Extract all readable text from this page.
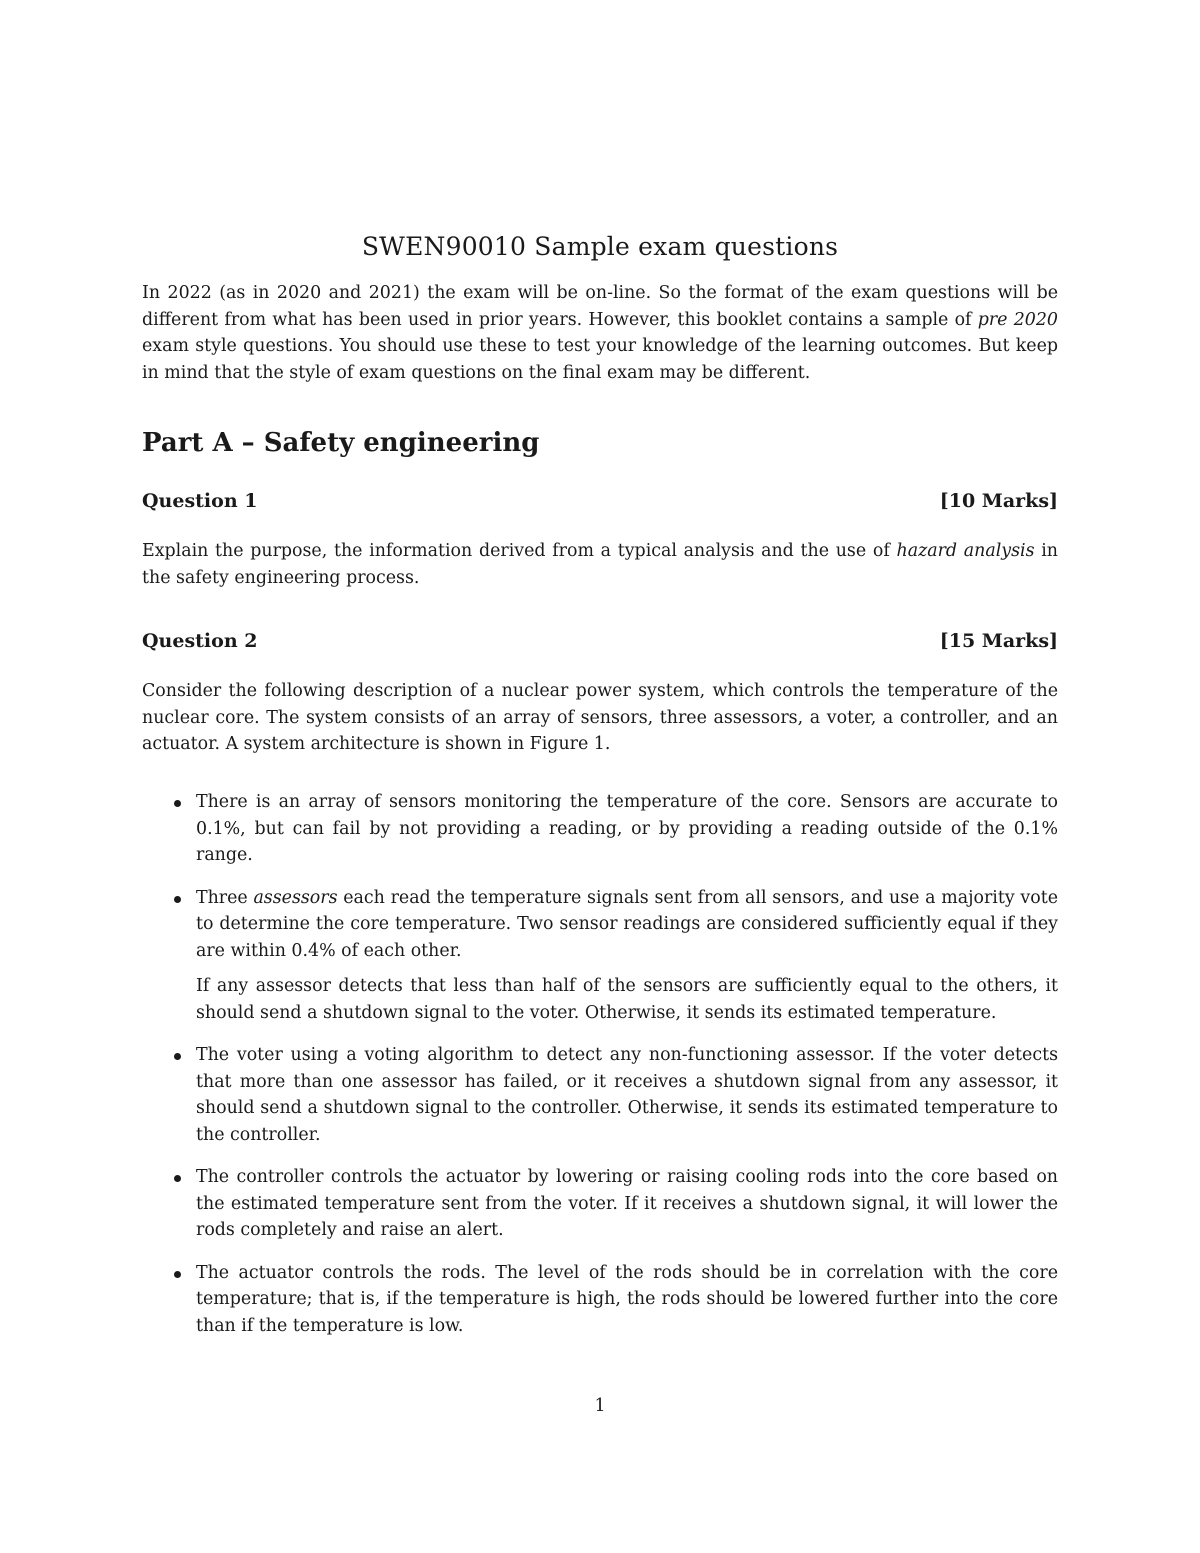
SWEN90010 Sample exam questions

In 2022 (as in 2020 and 2021) the exam will be on-line. So the format of the exam questions will be different from what has been used in prior years. However, this booklet contains a sample of pre 2020 exam style questions. You should use these to test your knowledge of the learning outcomes. But keep in mind that the style of exam questions on the final exam may be different.

Part A – Safety engineering
Question 1	[10 Marks]

Explain the purpose, the information derived from a typical analysis and the use of hazard analysis in the safety engineering process.

Question 2	[15 Marks]

Consider the following description of a nuclear power system, which controls the temperature of the nuclear core. The system consists of an array of sensors, three assessors, a voter, a controller, and an actuator. A system architecture is shown in Figure 1.

There is an array of sensors monitoring the temperature of the core. Sensors are accurate to 0.1%, but can fail by not providing a reading, or by providing a reading outside of the 0.1% range.
Three assessors each read the temperature signals sent from all sensors, and use a majority vote to determine the core temperature. Two sensor readings are considered sufficiently equal if they are within 0.4% of each other.
If any assessor detects that less than half of the sensors are sufficiently equal to the others, it should send a shutdown signal to the voter. Otherwise, it sends its estimated temperature.
The voter using a voting algorithm to detect any non-functioning assessor. If the voter detects that more than one assessor has failed, or it receives a shutdown signal from any assessor, it should send a shutdown signal to the controller. Otherwise, it sends its estimated temperature to the controller.
The controller controls the actuator by lowering or raising cooling rods into the core based on the estimated temperature sent from the voter. If it receives a shutdown signal, it will lower the rods completely and raise an alert.
The actuator controls the rods. The level of the rods should be in correlation with the core temperature; that is, if the temperature is high, the rods should be lowered further into the core than if the temperature is low.

1
